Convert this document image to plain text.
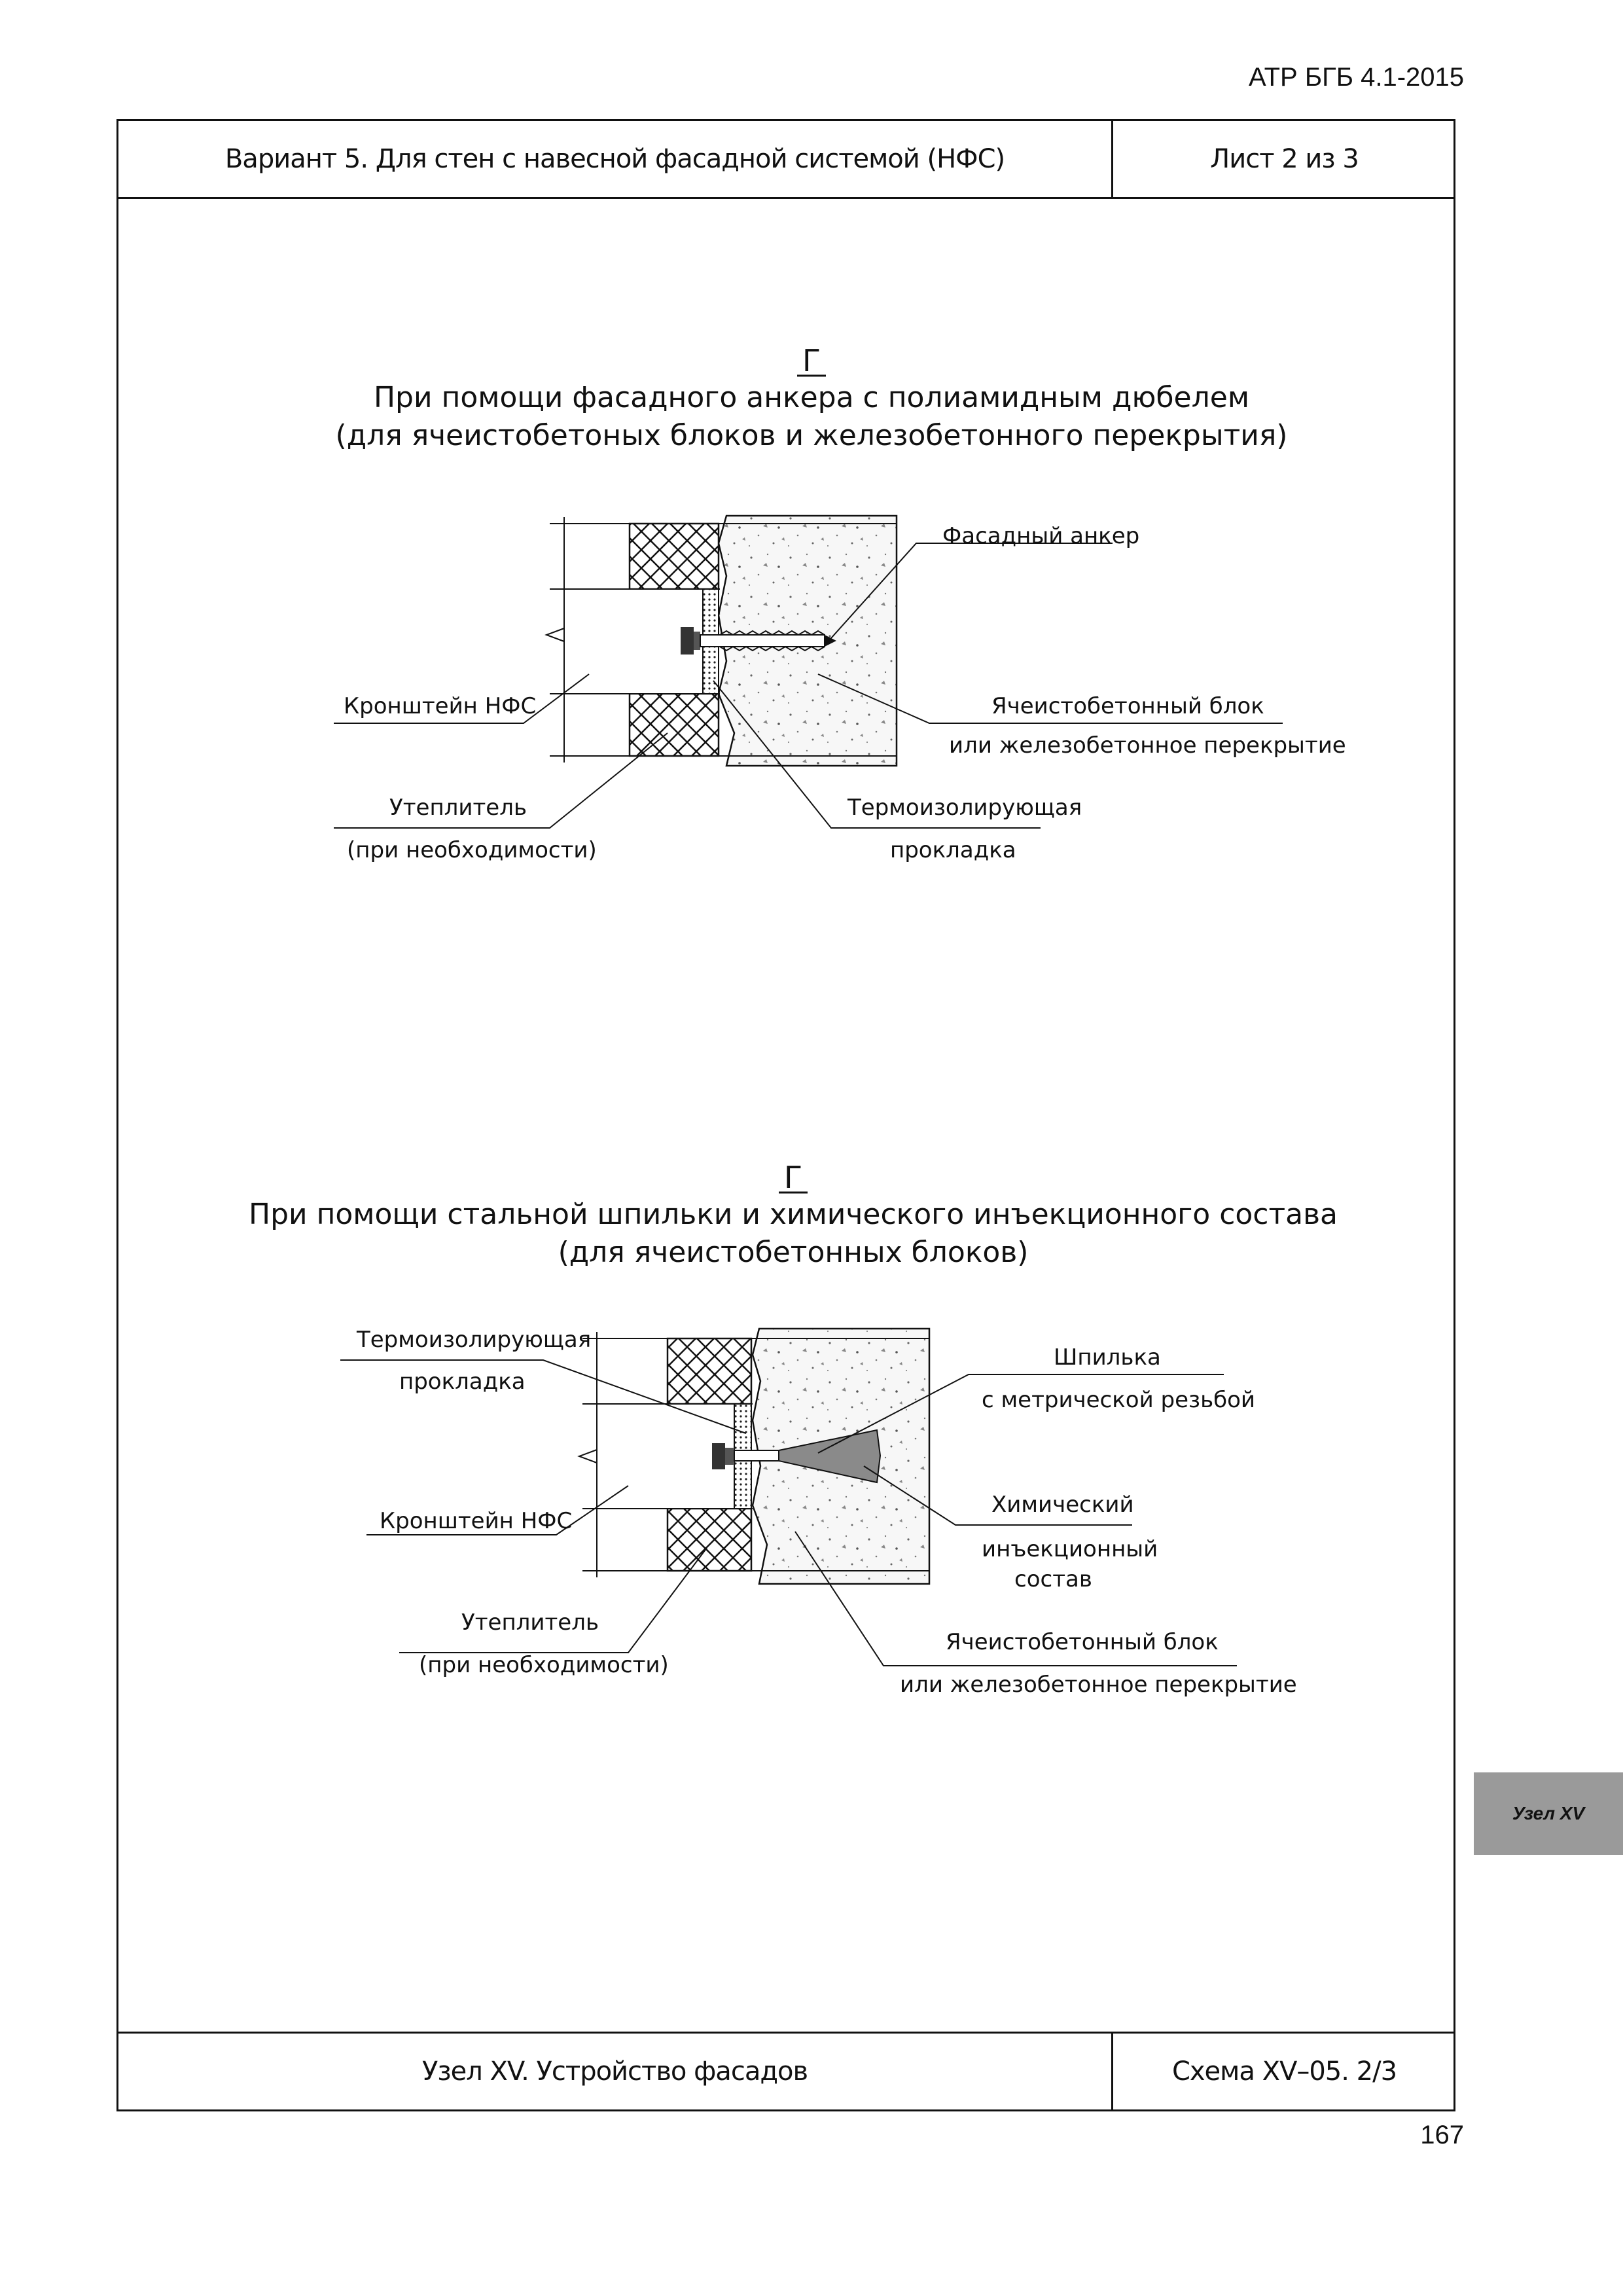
АТР БГБ 4.1-2015
Вариант 5. Для стен с навесной фасадной системой (НФС)	Лист 2 из 3
Узел XV. Устройство фасадов	Схема XV–05. 2/3
Г
При помощи фасадного анкера с полиамидным дюбелем
(для ячеистобетоных блоков и железобетонного перекрытия)
Фасадный анкер
Кронштейн НФС	Ячеистобетонный блок
или железобетонное перекрытие
Утеплитель
(при необходимости)
Термоизолирующая
прокладка
Г
При помощи стальной шпильки и химического инъекционного состава
(для ячеистобетонных блоков)
Термоизолирующая
прокладка
Шпилька
с метрической резьбой
Кронштейн НФС
Химический
инъекционный
состав
Утеплитель
(при необходимости)
Ячеистобетонный блок
или железобетонное перекрытие
Узел XV
167
